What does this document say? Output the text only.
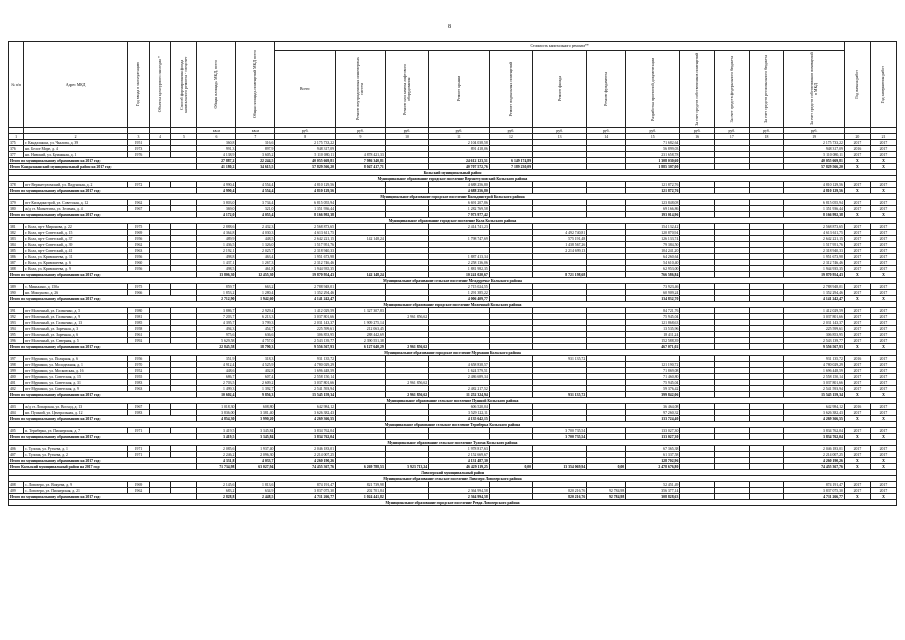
8
№ п/п	Адрес МКД	Год ввода в эксплуатацию	Объекты культурного наследия *	Способ формирования фонда капитального ремонта - спецсчет	Общая площадь МКД, всего	Общая площадь помещений МКД всего	Стоимость капитального ремонта**												Год начала работ	Год завершения работ

							Всего:	Ремонт внутридомовых инженерных систем	Ремонт или замена лифтового оборудования	Ремонт крыши	Ремонт подвальных помещений	Ремонт фасада	Ремонт фундамента	Разработка проектной документации	За счет средств собственников помещений	За счет средств федерального бюджета	За счет средств регионального бюджета	За счет средств собственников помещений в МКД		

					кв.м	кв.м	руб.	руб.	руб.	руб.	руб.	руб.	руб.	руб.	руб.	руб.	руб.	руб.		
1	2	3	4	5	6	7	8	9	10	11	12	13	14	15	16	17	18	19	20	21
375	г. Кандалакша, ул. Чкалова, д. 39	1951			360,8	316,6	2 175 733,22			2 104 038,58				71 682,64				2 175 733,22	2017	2017
376	нп. Белое Море, д. 4	1973			991,3	897,9	948 317,09			891 418,06				56 899,03				948 317,09	2016	2017
377	нп. Нивский, ул. Бумажная, д. 1	1976			4 138,9	3 605,2	5 110 080,11	4 878 421,33						231 658,78				5 110 080,11	2017	2017
Итого по муниципальному образованию на 2017 год:					27 887,2	22 244,5	40 055 669,81	7 986 340,81		24 612 123,51	6 149 174,89			1 308 030,60				40 055 669,81	X	X
Итого Кандалакшский муниципальный район на 2017 год:					41 180,2	34 615,5	57 829 566,20	8 047 417,71		40 707 572,76	7 189 230,09			1 885 307,00				57 829 566,20	X	X
Кольский муниципальный район																				
Муниципальное образование городское поселение Верхнетуломский Кольского района																				
378	пгт Верхнетуломский, ул. Падунская, д. 2	1972			4 990,4	4 554,4	4 810 129,56			4 688 256,80				121 872,76				4 810 129,56	2017	2017
Итого по муниципальному образованию на 2017 год:					4 990,4	4 554,4	4 810 129,56			4 688 256,80				121 872,76				4 810 129,56	X	X
Муниципальное образование городское поселение Кильдинстрой Кольского района																				
379	пгт Кильдинстрой, ул. Советская, д. 12	1962			3 803,0	3 734,4	6 815 055,94			6 691 207,86				123 848,08				6 815 055,94	2017	2017
380	ж/д ст. Магнетиты, ул. Зеленая, д. 4	1967			369,0	321,0	1 351 936,44			1 282 769,58				69 166,86				1 351 936,44	2017	2017
Итого по муниципальному образованию на 2017 год:					4 172,0	4 055,4	8 166 992,38			7 973 977,42				193 014,96				8 166 992,38	X	X
Муниципальное образование городское поселение Кола Кольского района																				
381	г. Кола, пр-т Миронова, д. 22	1975			2 888,6	2 432,3	2 568 873,65			2 414 741,23				154 132,42				2 568 873,65	2017	2017
382	г. Кола, пр-т Советский, д. 15	1969			4 364,8	4 030,3	4 613 611,75					4 492 740,81		120 870,94				4 613 611,75	2017	2017
383	г. Кола, пр-т Советский, д. 37	1956			489,9	448,5	2 642 221,15	142 148,24		1 798 747,69		575 191,48		126 133,74				2 642 221,15	2017	2017
384	г. Кола, пр-т Советский, д. 39	1962			1 436,5	1 326,0	1 517 951,76					1 438 567,26		79 384,50				1 517 951,76	2017	2017
385	г. Кола, пр-т Советский, д. 41	1963			2 192,1	2 025,7	2 318 940,33					2 214 699,13		104 241,20				2 318 940,33	2017	2017
386	г. Кола, ул. Кривошеева, д. 11	1956			498,8	463,4	1 951 673,98			1 887 413,34				64 260,64				1 951 673,98	2017	2017
387	г. Кола, ул. Кривошеева, д. 6	1960			1 437,1	1 267,3	2 312 746,46			2 258 136,06				54 610,40				2 312 746,46	2017	2017
388	г. Кола, ул. Кривошеева, д. 9	1956			498,5	461,8	1 944 935,35			1 881 982,35				62 953,00				1 944 935,35	2017	2017
Итого по муниципальному образованию на 2017 год:					13 806,30	12 455,30	19 870 954,43	142 148,24		10 241 020,67		8 721 198,68		766 586,84				19 870 954,43	X	X
Муниципальное образование сельское поселение Междуречье Кольского района																				
389	с. Минькино, д. 150а	1975			859,7	663,2	2 788 948,01			2 715 024,55				73 923,46				2 788 948,01	2017	2017
390	нп. Мишуково, д. 26	1966			1 853,2	1 280,4	1 352 294,46			1 291 385,22				60 909,24				1 352 294,46	2017	2017
Итого по муниципальному образованию на 2017 год:					2 712,90	1 942,60	4 141 242,47			4 006 409,77				134 832,70				4 141 242,47	X	X
Муниципальное образование городское поселение Молочный Кольского района																				
391	пгт Молочный, ул. Гальченко, д. 5	1980			3 886,7	2 929,4	1 412 029,59	1 327 307,83						84 721,76				1 412 029,59	2017	2017
392	пгт Молочный, ул. Гальченко, д. 9	1981			7 203,7	6 213,3	3 037 801,66		2 961 856,62					75 945,04				3 037 801,66	2017	2017
393	пгт Молочный, ул. Гальченко, д. 13	1985			4 395,7	3 799,3	2 031 143,37	1 909 275,14						121 868,63				2 031 143,37	2017	2017
394	пгт Молочный, ул. Заречная, д. 3	1958			494,3	454,7	225 599,61	212 063,45						13 535,96				225 599,61	2017	2017
395	пгт Молочный, ул. Заречная, д. 6	1961			975,6	636,6	306 853,95	288 442,69						18 411,24				306 853,95	2017	2017
396	пгт Молочный, ул. Северная, д. 5	1992			5 629,58	4 757,0	2 543 139,77	2 390 551,38						152 588,39				2 543 139,77	2017	2017
Итого по муниципальному образованию на 2017 год:					22 845,58	18 790,3	9 556 567,93	6 127 640,29	2 961 856,62					467 071,02				9 556 567,93	X	X
Муниципальное образование городское поселение Мурмаши Кольского района																				
397	пгт Мурмаши, ул. Полярная, д. 6	1956			351,9	318,3	931 135,72					931 135,72						931 135,72	2016	2017
398	пгт Мурмаши, ул. Молодежная, д. 1	1970			4 912,4	4 525,9	4 780 029,29			4 658 838,57				121 190,72				4 780 029,29	2017	2017
399	пгт Мурмаши, ул. Московская, д. 16	1952			448,6	402,8	1 696 448,59			1 624 579,51				71 869,08				1 696 448,59	2017	2017
400	пгт Мурмаши, ул. Советская, д. 15	1955			686,7	607,4	2 558 150,14			2 486 689,34				71 460,80				2 558 150,14	2017	2017
401	пгт Мурмаши, ул. Советская, д. 31	1983			2 703,5	2 609,2	3 037 801,66		2 961 856,62					75 945,04				3 037 801,66	2017	2017
402	пгт Мурмаши, ул. Советская, д. 9	1963			1 499,3	1 392,7	2 541 593,94			2 482 217,52				59 376,42				2 541 593,94	2017	2017
Итого по муниципальному образованию на 2017 год:					10 602,4	9 856,3	15 545 159,34		2 961 856,62	11 252 324,94		931 135,72		399 842,06				15 545 159,34	X	X
Муниципальное образование сельское поселение Пушной Кольского района																				
403	ж/д ст. Лопарская, ул. Восход, д. 13	1967			1 018,30	608,80	642 984,12			606 520,04				36 464,08				642 984,12	2016	2017
404	нп. Пушной, ул. Центральная, д. 12	1983			3 836,00	3 381,40	3 626 382,43			3 529 122,11				97 260,32				3 626 382,43	2017	2017
Итого по муниципальному образованию на 2017 год:					4 854,30	3 990,20	4 269 366,55			4 135 642,15				133 724,40				4 269 366,55	X	X
Муниципальное образование сельское поселение Териберка Кольского района																				
405	п. Териберка, ул. Пионерская, д. 7	1971			3 419,5	3 345,84	3 834 762,04					3 700 735,54		133 027,30				3 834 762,04	2017	2017
Итого по муниципальному образованию на 2017 год:					3 419,5	3 345,84	3 834 762,04					3 700 735,54		133 027,30				3 834 762,04	X	X
Муниципальное образование сельское поселение Тулома Кольского района																				
406	с. Тулома, ул. Рутьева, д. 1	1971			2 085,6	1 937,40	2 046 183,01			1 978 817,63				67 365,38				2 046 183,01	2017	2017
407	с. Тулома, ул. Рутьева, д. 2	1971			2 246,2	2 096,30	2 214 007,25			2 152 669,67				61 337,58				2 214 007,25	2017	2017
Итого по муниципальному образованию на 2017 год:					4 331,8	4 033,7	4 260 190,26			4 131 487,30				128 702,96				4 260 190,26	X	X
Итого Кольский муниципальный район на 2017 год:					71 734,98	63 027,94	74 455 367,76	6 269 788,53	5 923 713,24	46 429 119,25	0,00	13 354 069,94	0,00	2 478 676,80				74 455 367,76	X	X
Ловозерский муниципальный район																				
Муниципальное образование сельское поселение Ловозеро Ловозерского района																				
408	с. Ловозеро, ул. Вокуева, д. 9	1969			2 145,6	1 813,6	874 191,47	821 739,98						52 451,49				874 191,47	2017	2017
409	с. Ловозеро, ул. Пионерская, д. 21	1962			683,2	634,9	3 837 075,30	202 701,84		2 364 994,58		820 216,76	92 784,98	356 377,14				3 837 075,30	2017	2017
Итого по муниципальному образованию на 2017 год:					2 828,8	2 448,5	4 711 266,77	1 024 441,82		2 364 994,58		820 216,76	92 784,98	308 828,63				4 711 266,77	X	X
Муниципальное образование городское поселение Ревда Ловозерского района																				
